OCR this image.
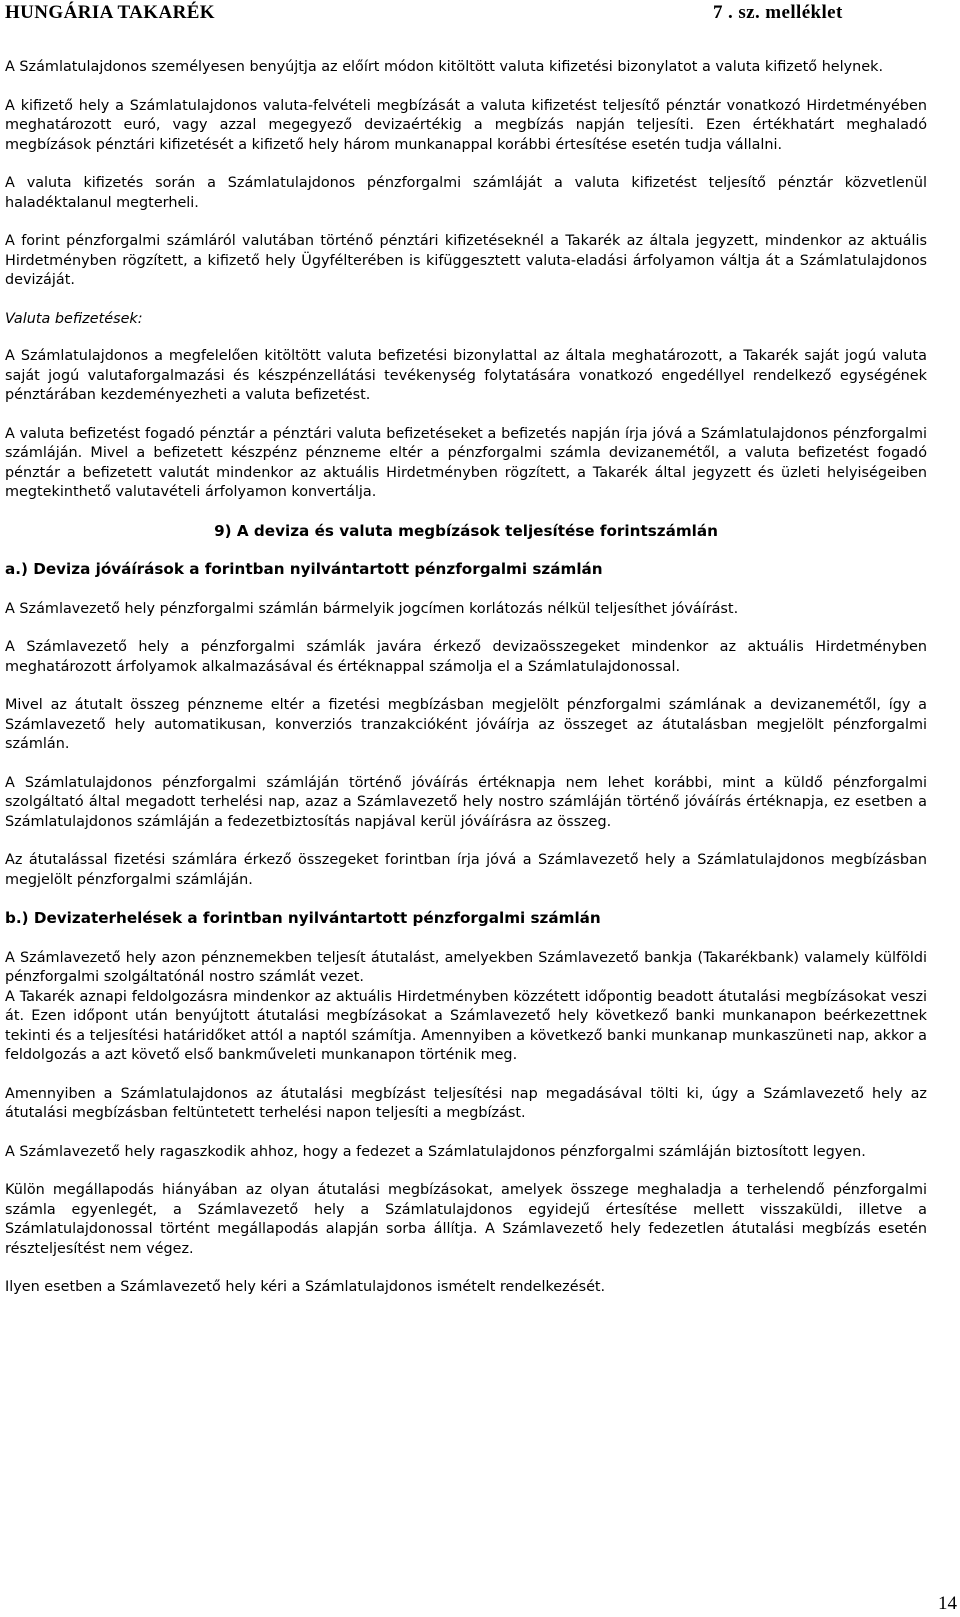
HUNGÁRIA TAKARÉK	7 . sz. melléklet

A Számlatulajdonos személyesen benyújtja az előírt módon kitöltött valuta kifizetési bizonylatot a valuta kifizető helynek.

A kifizető hely a Számlatulajdonos valuta-felvételi megbízását a valuta kifizetést teljesítő pénztár vonatkozó Hirdetményében meghatározott euró, vagy azzal megegyező devizaértékig a megbízás napján teljesíti. Ezen értékhatárt meghaladó megbízások pénztári kifizetését a kifizető hely három munkanappal korábbi értesítése esetén tudja vállalni.

A valuta kifizetés során a Számlatulajdonos pénzforgalmi számláját a valuta kifizetést teljesítő pénztár közvetlenül haladéktalanul megterheli.

A forint pénzforgalmi számláról valutában történő pénztári kifizetéseknél a Takarék az általa jegyzett, mindenkor az aktuális Hirdetményben rögzített, a kifizető hely Ügyfélterében is kifüggesztett valuta-eladási árfolyamon váltja át a Számlatulajdonos devizáját.

Valuta befizetések:

A Számlatulajdonos a megfelelően kitöltött valuta befizetési bizonylattal az általa meghatározott, a Takarék saját jogú valuta saját jogú valutaforgalmazási és készpénzellátási tevékenység folytatására vonatkozó engedéllyel rendelkező egységének pénztárában kezdeményezheti a valuta befizetést.

A valuta befizetést fogadó pénztár a pénztári valuta befizetéseket a befizetés napján írja jóvá a Számlatulajdonos pénzforgalmi számláján. Mivel a befizetett készpénz pénzneme eltér a pénzforgalmi számla devizanemétől, a valuta befizetést fogadó pénztár a befizetett valutát mindenkor az aktuális Hirdetményben rögzített, a Takarék által jegyzett és üzleti helyiségeiben megtekinthető valutavételi árfolyamon konvertálja.

9) A deviza és valuta megbízások teljesítése forintszámlán
a.) Deviza jóváírások a forintban nyilvántartott pénzforgalmi számlán

A Számlavezető hely pénzforgalmi számlán bármelyik jogcímen korlátozás nélkül teljesíthet jóváírást.

A Számlavezető hely a pénzforgalmi számlák javára érkező devizaösszegeket mindenkor az aktuális Hirdetményben meghatározott árfolyamok alkalmazásával és értéknappal számolja el a Számlatulajdonossal.

Mivel az átutalt összeg pénzneme eltér a fizetési megbízásban megjelölt pénzforgalmi számlának a devizanemétől, így a Számlavezető hely automatikusan, konverziós tranzakcióként jóváírja az összeget az átutalásban megjelölt pénzforgalmi számlán.

A Számlatulajdonos pénzforgalmi számláján történő jóváírás értéknapja nem lehet korábbi, mint a küldő pénzforgalmi szolgáltató által megadott terhelési nap, azaz a Számlavezető hely nostro számláján történő jóváírás értéknapja, ez esetben a Számlatulajdonos számláján a fedezetbiztosítás napjával kerül jóváírásra az összeg.

Az átutalással fizetési számlára érkező összegeket forintban írja jóvá a Számlavezető hely a Számlatulajdonos megbízásban megjelölt pénzforgalmi számláján.

b.) Devizaterhelések a forintban nyilvántartott pénzforgalmi számlán

A Számlavezető hely azon pénznemekben teljesít átutalást, amelyekben Számlavezető bankja (Takarékbank) valamely külföldi pénzforgalmi szolgáltatónál nostro számlát vezet.

A Takarék aznapi feldolgozásra mindenkor az aktuális Hirdetményben közzétett időpontig beadott átutalási megbízásokat veszi át. Ezen időpont után benyújtott átutalási megbízásokat a Számlavezető hely következő banki munkanapon beérkezettnek tekinti és a teljesítési határidőket attól a naptól számítja. Amennyiben a következő banki munkanap munkaszüneti nap, akkor a feldolgozás a azt követő első bankműveleti munkanapon történik meg.

Amennyiben a Számlatulajdonos az átutalási megbízást teljesítési nap megadásával tölti ki, úgy a Számlavezető hely az átutalási megbízásban feltüntetett terhelési napon teljesíti a megbízást.

A Számlavezető hely ragaszkodik ahhoz, hogy a fedezet a Számlatulajdonos pénzforgalmi számláján biztosított legyen.

Külön megállapodás hiányában az olyan átutalási megbízásokat, amelyek összege meghaladja a terhelendő pénzforgalmi számla egyenlegét, a Számlavezető hely a Számlatulajdonos egyidejű értesítése mellett visszaküldi, illetve a Számlatulajdonossal történt megállapodás alapján sorba állítja. A Számlavezető hely fedezetlen átutalási megbízás esetén részteljesítést nem végez.

Ilyen esetben a Számlavezető hely kéri a Számlatulajdonos ismételt rendelkezését.

14
